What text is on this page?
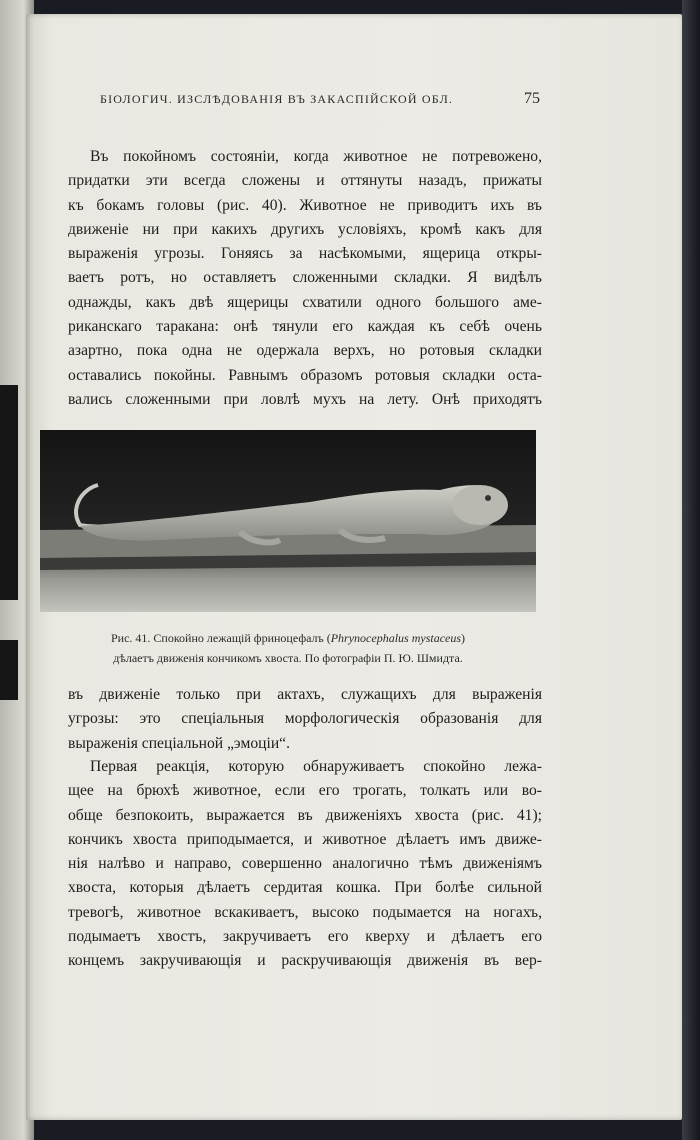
БІОЛОГИЧ. ИЗСЛѢДОВАНІЯ ВЪ ЗАКАСПІЙСКОЙ ОБЛ.	75
Въ покойномъ состояніи, когда животное не потревожено,
придатки эти всегда сложены и оттянуты назадъ, прижаты
къ бокамъ головы (рис. 40). Животное не приводитъ ихъ въ
движеніе ни при какихъ другихъ условіяхъ, кромѣ какъ для
выраженія угрозы. Гоняясь за насѣкомыми, ящерица откры-
ваетъ ротъ, но оставляетъ сложенными складки. Я видѣлъ
однажды, какъ двѣ ящерицы схватили одного большого аме-
риканскаго таракана: онѣ тянули его каждая къ себѣ очень
азартно, пока одна не одержала верхъ, но ротовыя складки
оставались покойны. Равнымъ образомъ ротовыя складки оста-
вались сложенными при ловлѣ мухъ на лету. Онѣ приходятъ
Рис. 41. Спокойно лежащій фриноцефалъ (Phrynocephalus mystaceus)
дѣлаетъ движенія кончикомъ хвоста. По фотографіи П. Ю. Шмидта.
въ движеніе только при актахъ, служащихъ для выраженія
угрозы: это спеціальныя морфологическія образованія для
выраженія спеціальной „эмоціи“.
Первая реакція, которую обнаруживаетъ спокойно лежа-
щее на брюхѣ животное, если его трогать, толкать или во-
обще безпокоить, выражается въ движеніяхъ хвоста (рис. 41);
кончикъ хвоста приподымается, и животное дѣлаетъ имъ движе-
нія налѣво и направо, совершенно аналогично тѣмъ движеніямъ
хвоста, которыя дѣлаетъ сердитая кошка. При болѣе сильной
тревогѣ, животное вскакиваетъ, высоко подымается на ногахъ,
подымаетъ хвостъ, закручиваетъ его кверху и дѣлаетъ его
концемъ закручивающія и раскручивающія движенія въ вер-
